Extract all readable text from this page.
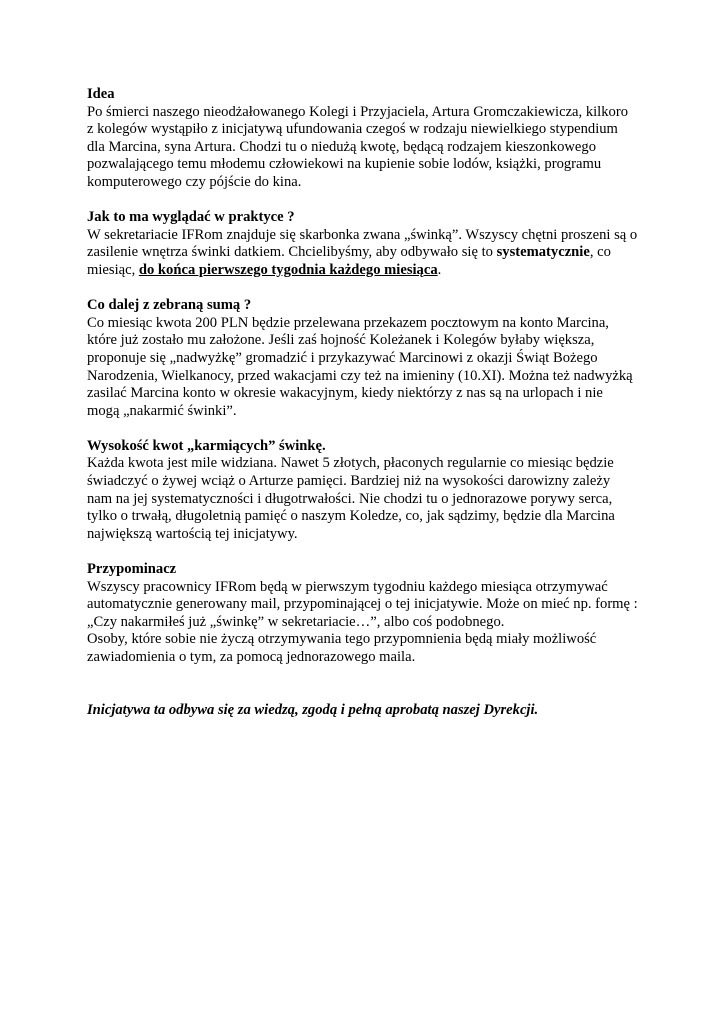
Idea
Po śmierci naszego nieodżałowanego Kolegi i Przyjaciela, Artura Gromczakiewicza, kilkoro
z kolegów wystąpiło z inicjatywą ufundowania czegoś w rodzaju niewielkiego stypendium
dla Marcina, syna Artura. Chodzi tu o niedużą kwotę, będącą rodzajem kieszonkowego
pozwalającego temu młodemu człowiekowi na kupienie sobie lodów, książki, programu
komputerowego czy pójście do kina.
Jak to ma wyglądać w praktyce ?
W sekretariacie IFRom znajduje się skarbonka zwana „świnką”. Wszyscy chętni proszeni są o
zasilenie wnętrza świnki datkiem. Chcielibyśmy, aby odbywało się to systematycznie, co
miesiąc, do końca pierwszego tygodnia każdego miesiąca.
Co dalej z zebraną sumą ?
Co miesiąc kwota 200 PLN będzie przelewana przekazem pocztowym na konto Marcina,
które już zostało mu założone. Jeśli zaś hojność Koleżanek i Kolegów byłaby większa,
proponuje się „nadwyżkę” gromadzić i przykazywać Marcinowi z okazji Świąt Bożego
Narodzenia, Wielkanocy, przed wakacjami czy też na imieniny (10.XI). Można też nadwyżką
zasilać Marcina konto w okresie wakacyjnym, kiedy niektórzy z nas są na urlopach i nie
mogą „nakarmić świnki”.
Wysokość kwot „karmiących” świnkę.
Każda kwota jest mile widziana. Nawet 5 złotych, płaconych regularnie co miesiąc będzie
świadczyć o żywej wciąż o Arturze pamięci. Bardziej niż na wysokości darowizny zależy
nam na jej systematyczności i długotrwałości. Nie chodzi tu o jednorazowe porywy serca,
tylko o trwałą, długoletnią pamięć o naszym Koledze, co, jak sądzimy, będzie dla Marcina
największą wartością tej inicjatywy.
Przypominacz
Wszyscy pracownicy IFRom będą w pierwszym tygodniu każdego miesiąca otrzymywać
automatycznie generowany mail, przypominającej o tej inicjatywie. Może on mieć np. formę :
„Czy nakarmiłeś już „świnkę” w sekretariacie…”, albo coś podobnego.
Osoby, które sobie nie życzą otrzymywania tego przypomnienia będą miały możliwość
zawiadomienia o tym, za pomocą jednorazowego maila.
Inicjatywa ta odbywa się za wiedzą, zgodą i pełną aprobatą naszej Dyrekcji.
